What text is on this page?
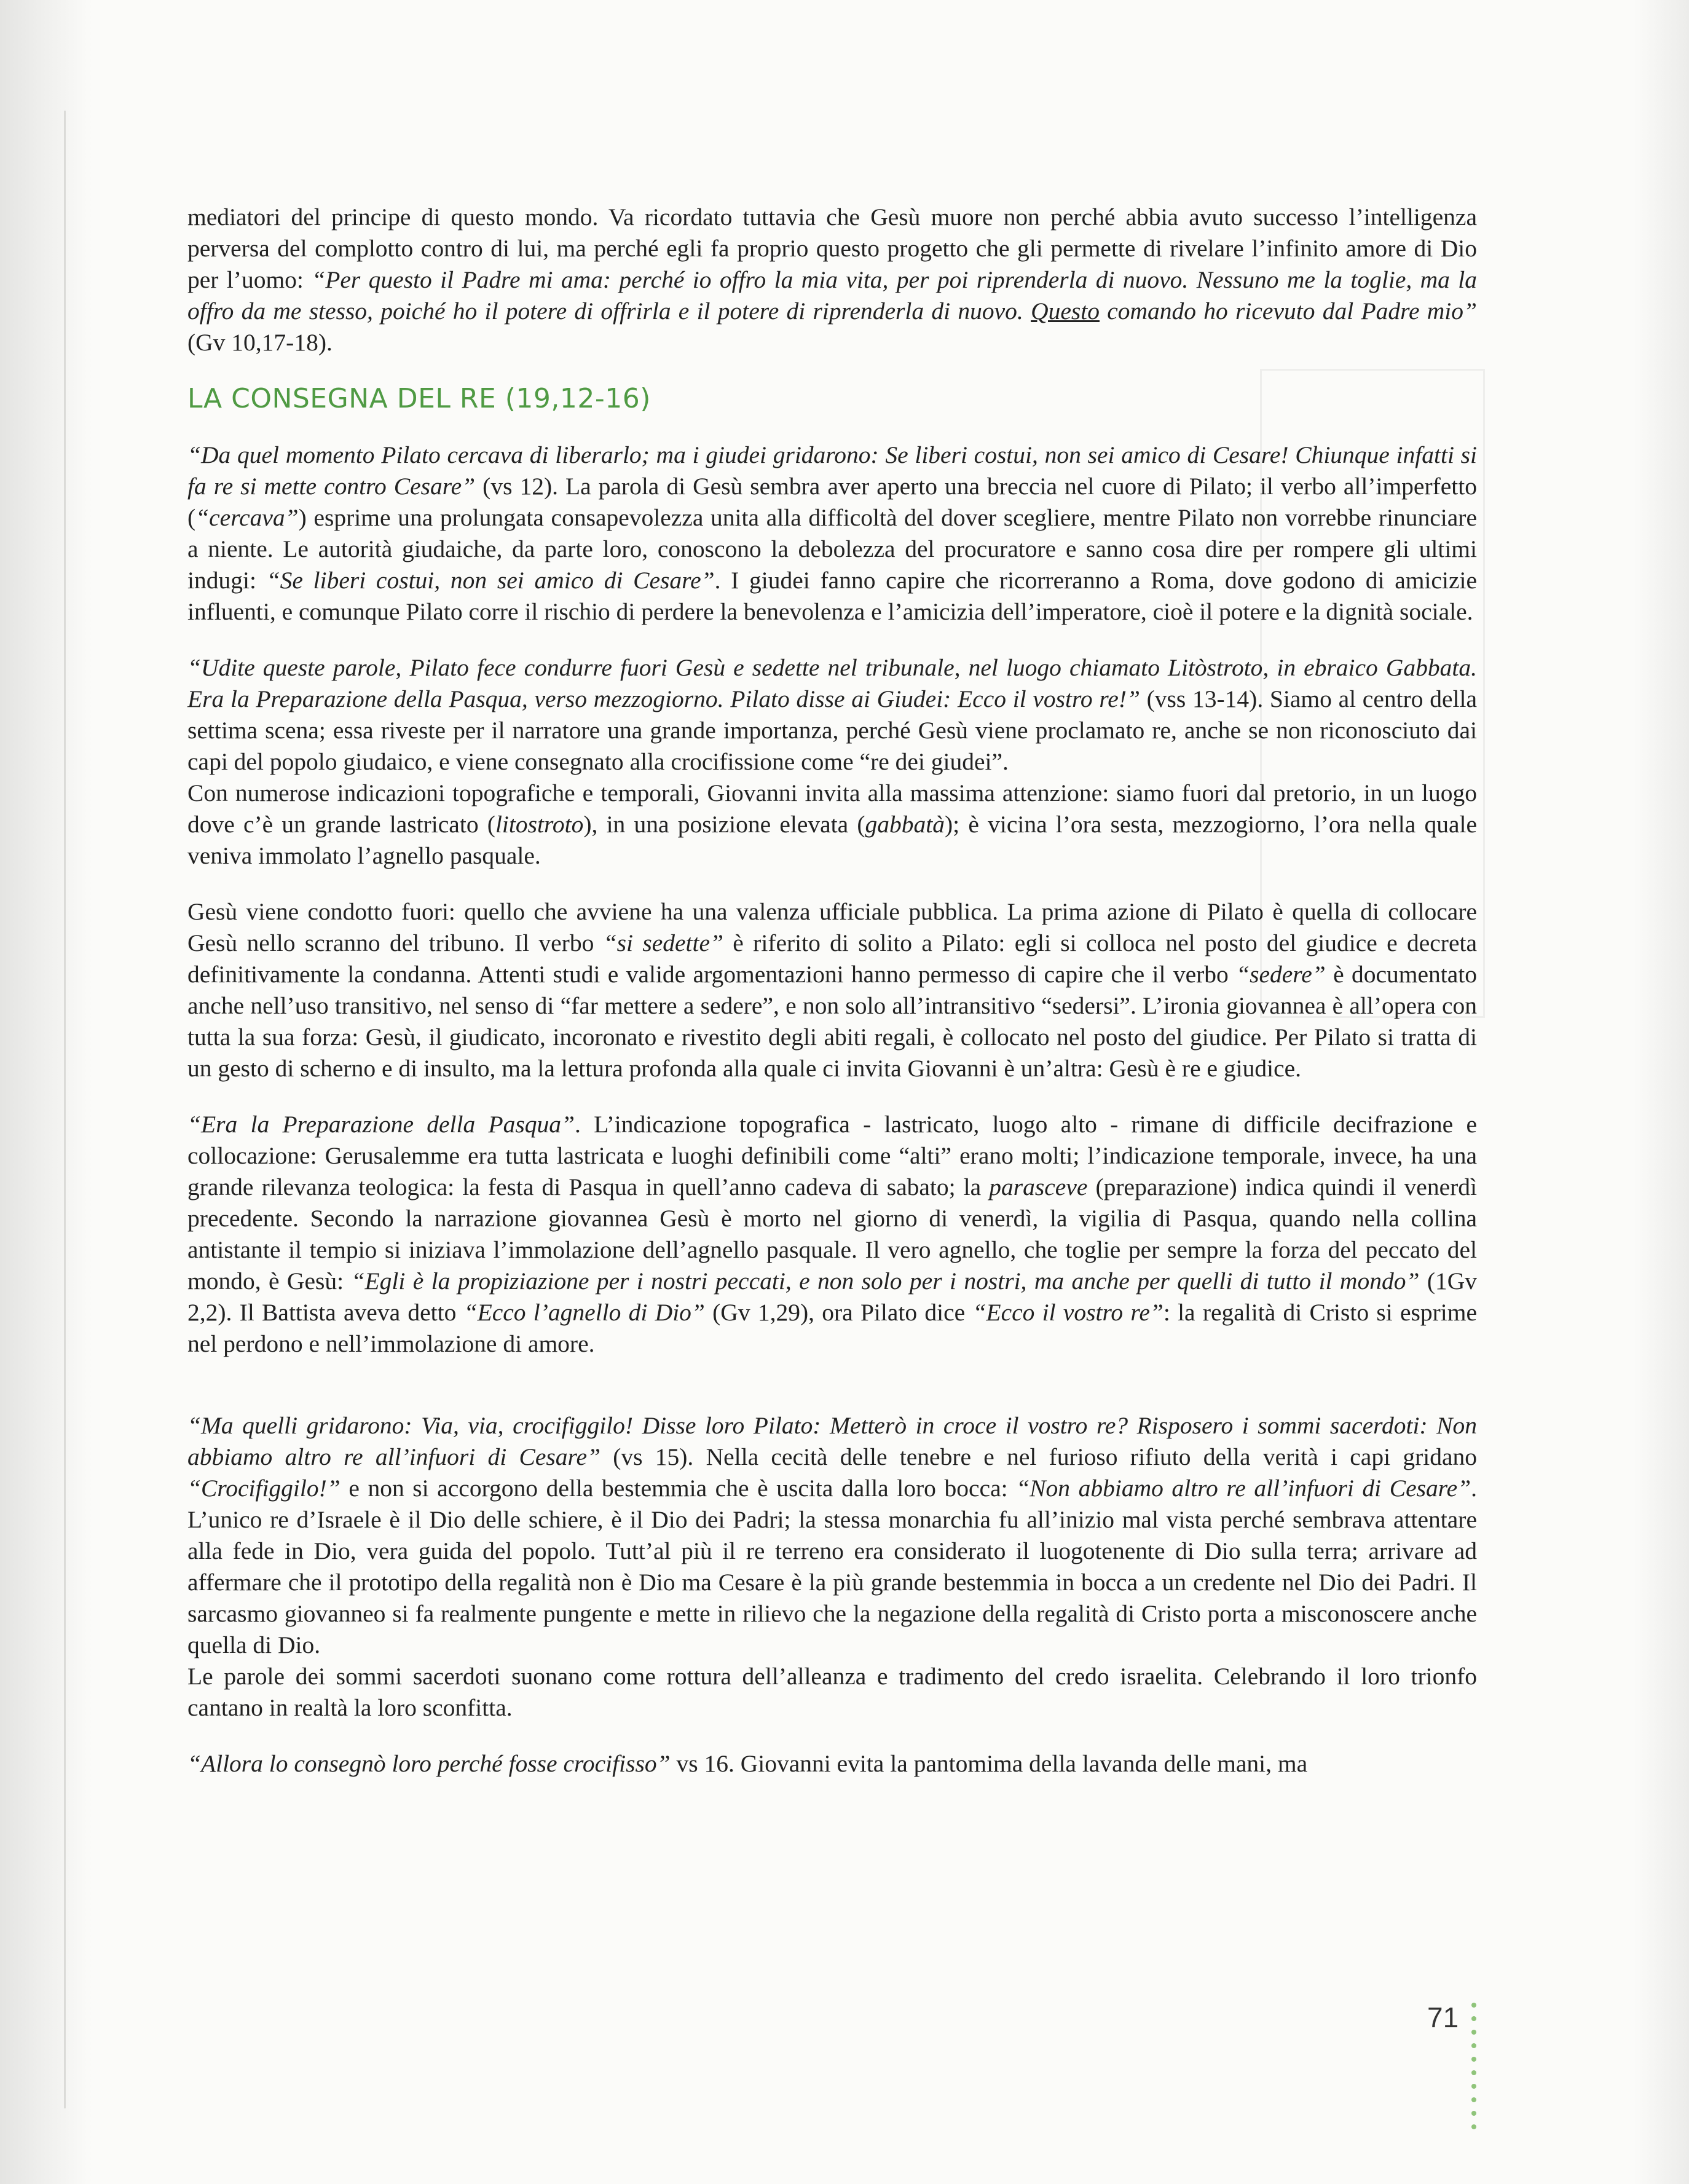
mediatori del principe di questo mondo. Va ricordato tuttavia che Gesù muore non perché abbia avuto successo l’intelligenza perversa del complotto contro di lui, ma perché egli fa proprio questo progetto che gli permette di rivelare l’infinito amore di Dio per l’uomo: “Per questo il Padre mi ama: perché io offro la mia vita, per poi riprenderla di nuovo. Nessuno me la toglie, ma la offro da me stesso, poiché ho il potere di offrirla e il potere di riprenderla di nuovo. Questo comando ho ricevuto dal Padre mio” (Gv 10,17-18).

LA CONSEGNA DEL RE (19,12-16)

“Da quel momento Pilato cercava di liberarlo; ma i giudei gridarono: Se liberi costui, non sei amico di Cesare! Chiunque infatti si fa re si mette contro Cesare” (vs 12). La parola di Gesù sembra aver aperto una breccia nel cuore di Pilato; il verbo all’imperfetto (“cercava”) esprime una prolungata consapevolezza unita alla difficoltà del dover scegliere, mentre Pilato non vorrebbe rinunciare a niente. Le autorità giudaiche, da parte loro, conoscono la debolezza del procuratore e sanno cosa dire per rompere gli ultimi indugi: “Se liberi costui, non sei amico di Cesare”. I giudei fanno capire che ricorreranno a Roma, dove godono di amicizie influenti, e comunque Pilato corre il rischio di perdere la benevolenza e l’amicizia dell’imperatore, cioè il potere e la dignità sociale.

“Udite queste parole, Pilato fece condurre fuori Gesù e sedette nel tribunale, nel luogo chiamato Litòstroto, in ebraico Gabbata. Era la Preparazione della Pasqua, verso mezzogiorno. Pilato disse ai Giudei: Ecco il vostro re!” (vss 13-14). Siamo al centro della settima scena; essa riveste per il narratore una grande importanza, perché Gesù viene proclamato re, anche se non riconosciuto dai capi del popolo giudaico, e viene consegnato alla crocifissione come “re dei giudei”.

Con numerose indicazioni topografiche e temporali, Giovanni invita alla massima attenzione: siamo fuori dal pretorio, in un luogo dove c’è un grande lastricato (litostroto), in una posizione elevata (gabbatà); è vicina l’ora sesta, mezzogiorno, l’ora nella quale veniva immolato l’agnello pasquale.

Gesù viene condotto fuori: quello che avviene ha una valenza ufficiale pubblica. La prima azione di Pilato è quella di collocare Gesù nello scranno del tribuno. Il verbo “si sedette” è riferito di solito a Pilato: egli si colloca nel posto del giudice e decreta definitivamente la condanna. Attenti studi e valide argomentazioni hanno permesso di capire che il verbo “sedere” è documentato anche nell’uso transitivo, nel senso di “far mettere a sedere”, e non solo all’intransitivo “sedersi”. L’ironia giovannea è all’opera con tutta la sua forza: Gesù, il giudicato, incoronato e rivestito degli abiti regali, è collocato nel posto del giudice. Per Pilato si tratta di un gesto di scherno e di insulto, ma la lettura profonda alla quale ci invita Giovanni è un’altra: Gesù è re e giudice.

“Era la Preparazione della Pasqua”. L’indicazione topografica - lastricato, luogo alto - rimane di difficile decifrazione e collocazione: Gerusalemme era tutta lastricata e luoghi definibili come “alti” erano molti; l’indicazione temporale, invece, ha una grande rilevanza teologica: la festa di Pasqua in quell’anno cadeva di sabato; la parasceve (preparazione) indica quindi il venerdì precedente. Secondo la narrazione giovannea Gesù è morto nel giorno di venerdì, la vigilia di Pasqua, quando nella collina antistante il tempio si iniziava l’immolazione dell’agnello pasquale. Il vero agnello, che toglie per sempre la forza del peccato del mondo, è Gesù: “Egli è la propiziazione per i nostri peccati, e non solo per i nostri, ma anche per quelli di tutto il mondo” (1Gv 2,2). Il Battista aveva detto “Ecco l’agnello di Dio” (Gv 1,29), ora Pilato dice “Ecco il vostro re”: la regalità di Cristo si esprime nel perdono e nell’immolazione di amore.

“Ma quelli gridarono: Via, via, crocifiggilo! Disse loro Pilato: Metterò in croce il vostro re? Risposero i sommi sacerdoti: Non abbiamo altro re all’infuori di Cesare” (vs 15). Nella cecità delle tenebre e nel furioso rifiuto della verità i capi gridano “Crocifiggilo!” e non si accorgono della bestemmia che è uscita dalla loro bocca: “Non abbiamo altro re all’infuori di Cesare”. L’unico re d’Israele è il Dio delle schiere, è il Dio dei Padri; la stessa monarchia fu all’inizio mal vista perché sembrava attentare alla fede in Dio, vera guida del popolo. Tutt’al più il re terreno era considerato il luogotenente di Dio sulla terra; arrivare ad affermare che il prototipo della regalità non è Dio ma Cesare è la più grande bestemmia in bocca a un credente nel Dio dei Padri. Il sarcasmo giovanneo si fa realmente pungente e mette in rilievo che la negazione della regalità di Cristo porta a misconoscere anche quella di Dio.

Le parole dei sommi sacerdoti suonano come rottura dell’alleanza e tradimento del credo israelita. Celebrando il loro trionfo cantano in realtà la loro sconfitta.

“Allora lo consegnò loro perché fosse crocifisso” vs 16. Giovanni evita la pantomima della lavanda delle mani, ma

71
